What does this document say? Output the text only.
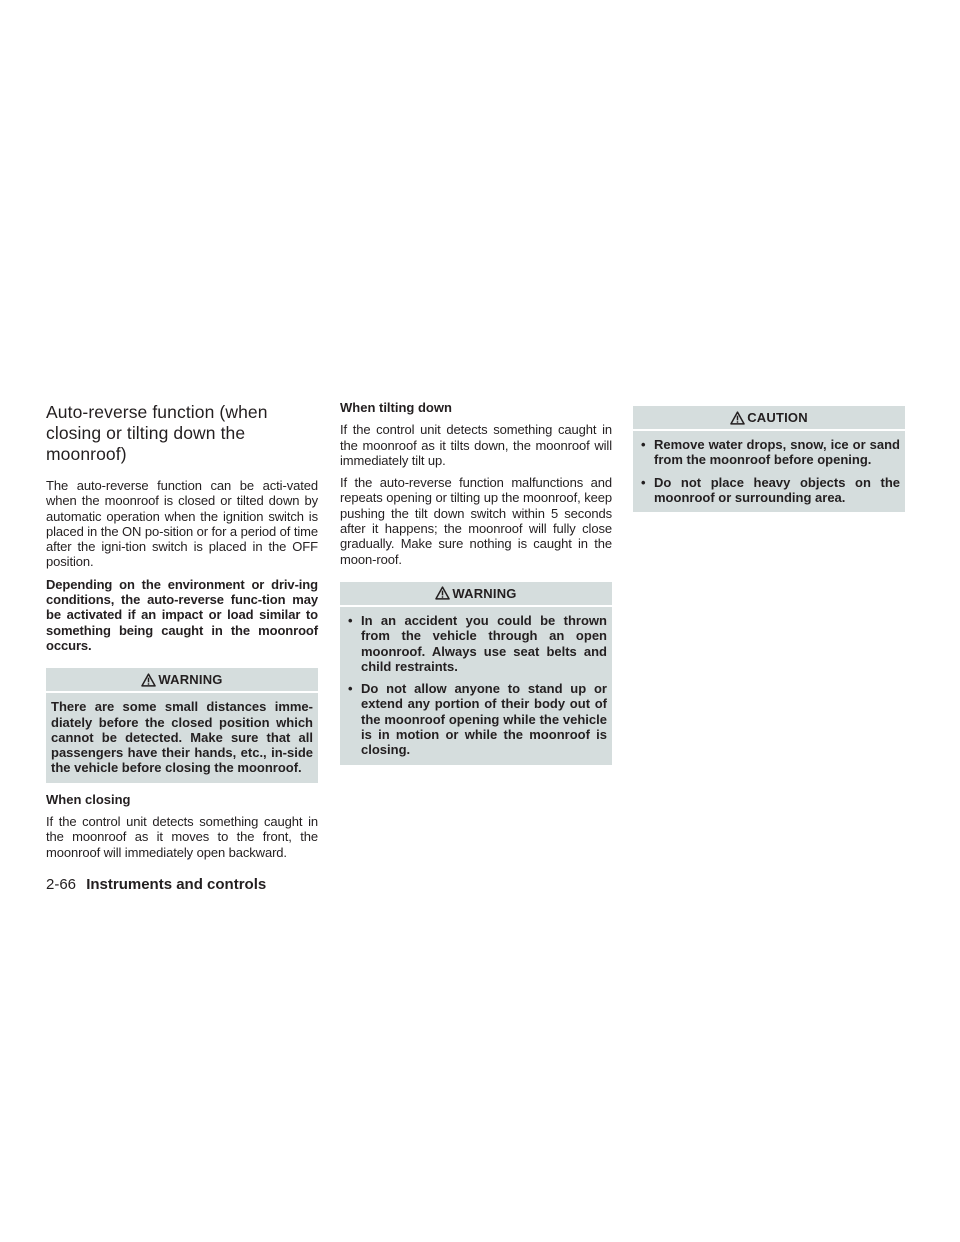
Auto-reverse function (when closing or tilting down the moonroof)

The auto-reverse function can be acti-vated when the moonroof is closed or tilted down by automatic operation when the ignition switch is placed in the ON po-sition or for a period of time after the igni-tion switch is placed in the OFF position.

Depending on the environment or driv-ing conditions, the auto-reverse func-tion may be activated if an impact or load similar to something being caught in the moonroof occurs.

WARNING
There are some small distances imme-diately before the closed position which cannot be detected. Make sure that all passengers have their hands, etc., in-side the vehicle before closing the moonroof.
When closing

If the control unit detects something caught in the moonroof as it moves to the front, the moonroof will immediately open backward.

When tilting down

If the control unit detects something caught in the moonroof as it tilts down, the moonroof will immediately tilt up.

If the auto-reverse function malfunctions and repeats opening or tilting up the moonroof, keep pushing the tilt down switch within 5 seconds after it happens; the moonroof will fully close gradually. Make sure nothing is caught in the moon-roof.

WARNING
• In an accident you could be thrown from the vehicle through an open moonroof. Always use seat belts and child restraints.
• Do not allow anyone to stand up or extend any portion of their body out of the moonroof opening while the vehicle is in motion or while the moonroof is closing.
CAUTION
• Remove water drops, snow, ice or sand from the moonroof before opening.
• Do not place heavy objects on the moonroof or surrounding area.
2-66 Instruments and controls
